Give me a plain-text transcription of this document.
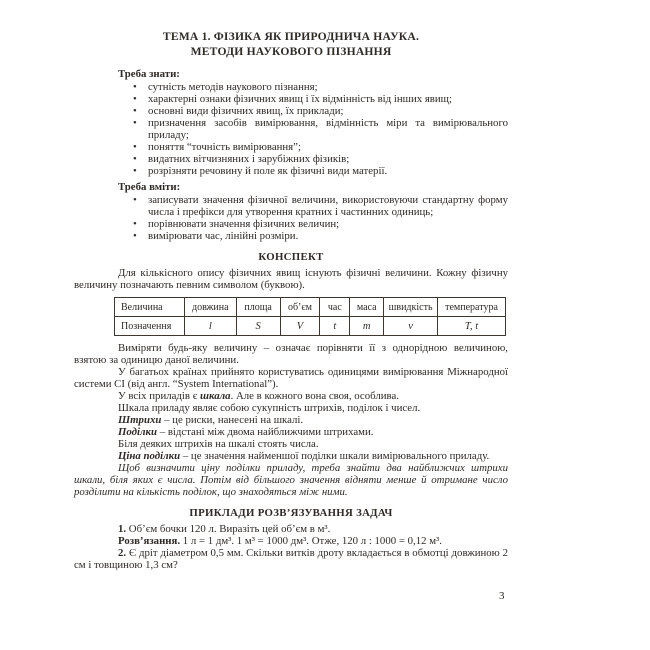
ТЕМА 1. ФІЗИКА ЯК ПРИРОДНИЧА НАУКА.
МЕТОДИ НАУКОВОГО ПІЗНАННЯ
Треба знати:
• сутність методів наукового пізнання;
• характерні ознаки фізичних явищ і їх відмінність від інших явищ;
• основні види фізичних явищ, їх приклади;
• призначення засобів вимірювання, відмінність міри та вимірювального приладу;
• поняття “точність вимірювання”;
• видатних вітчизняних і зарубіжних фізиків;
• розрізняти речовину й поле як фізичні види матерії.
Треба вміти:
• записувати значення фізичної величини, використовуючи стандартну форму числа і префікси для утворення кратних і частинних одиниць;
• порівнювати значення фізичних величин;
• вимірювати час, лінійні розміри.
КОНСПЕКТ

Для кількісного опису фізичних явищ існують фізичні величини. Кожну фізичну величину позначають певним символом (буквою).

Величина	довжина	площа	об’єм	час	маса	швидкість	температура
Позначення	l	S	V	t	m	v	T, t

Виміряти будь-яку величину – означає порівняти її з однорідною величиною, взятою за одиницю даної величини.

У багатьох країнах прийнято користуватись одиницями вимірювання Міжнародної системи СІ (від англ. “System International”).

У всіх приладів є шкала. Але в кожного вона своя, особлива.

Шкала приладу являє собою сукупність штрихів, поділок і чисел.

Штрихи – це риски, нанесені на шкалі.

Поділки – відстані між двома найближчими штрихами.

Біля деяких штрихів на шкалі стоять числа.

Ціна поділки – це значення найменшої поділки шкали вимірювального приладу.

Щоб визначити ціну поділки приладу, треба знайти два найближчих штрихи шкали, біля яких є числа. Потім від більшого значення відняти менше й отримане число розділити на кількість поділок, що знаходяться між ними.

ПРИКЛАДИ РОЗВ’ЯЗУВАННЯ ЗАДАЧ

1. Об’єм бочки 120 л. Виразіть цей об’єм в м³.

Розв’язання. 1 л = 1 дм³. 1 м³ = 1000 дм³. Отже, 120 л : 1000 = 0,12 м³.

2. Є дріт діаметром 0,5 мм. Скільки витків дроту вкладається в обмотці довжиною 2 см і товщиною 1,3 см?

3
